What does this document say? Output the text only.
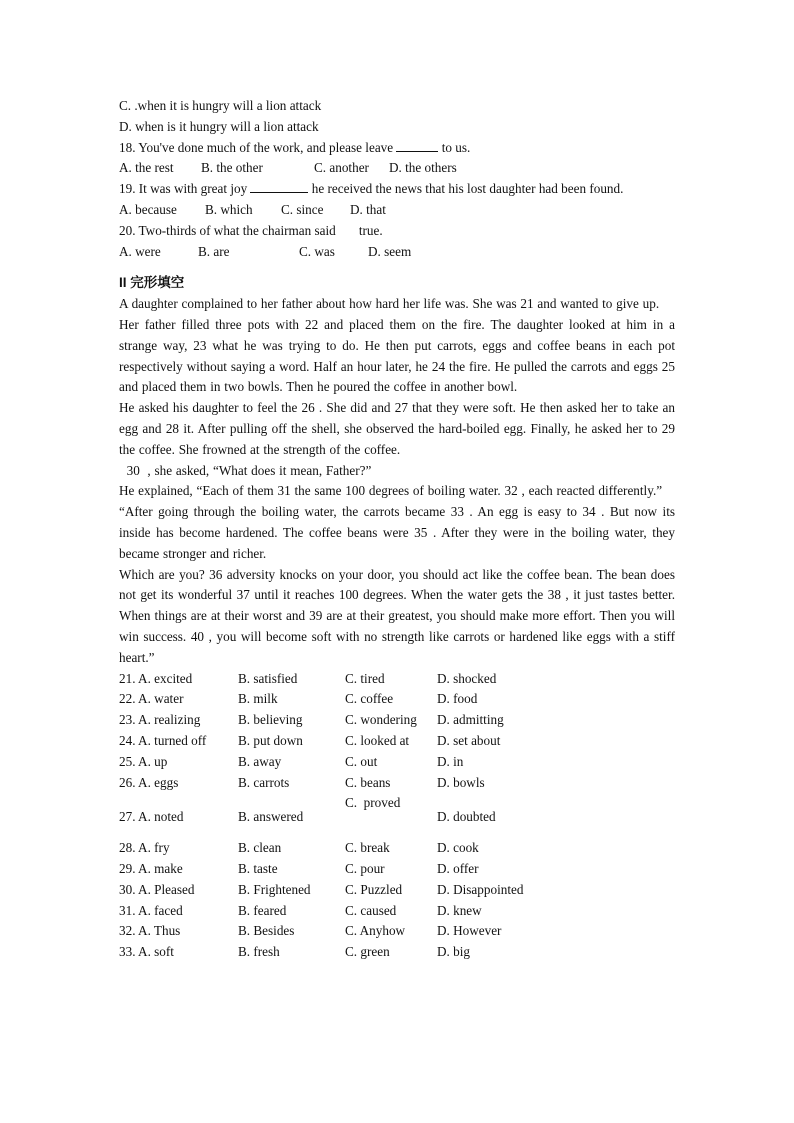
C. .when it is hungry will a lion attack
D. when is it hungry will a lion attack
18. You've done much of the work, and please leave	to us.
A. the rest	B. the other	C. another	D. the others
19. It was with great joy	he received the news that his lost daughter had been found.
A. because	B. which	C. since	D. that
20. Two-thirds of what the chairman said       true.
A. were	B. are	C. was	D. seem
II 完形填空
A daughter complained to her father about how hard her life was. She was 21 and wanted to give up.
Her father filled three pots with 22 and placed them on the fire. The daughter looked at him in a strange way, 23 what he was trying to do. He then put carrots, eggs and coffee beans in each pot respectively without saying a word. Half an hour later, he 24 the fire. He pulled the carrots and eggs 25 and placed them in two bowls. Then he poured the coffee in another bowl.
He asked his daughter to feel the 26 . She did and 27 that they were soft. He then asked her to take an egg and 28 it. After pulling off the shell, she observed the hard-boiled egg. Finally, he asked her to 29 the coffee. She frowned at the strength of the coffee.
30  , she asked, “What does it mean, Father?”
He explained, “Each of them 31 the same 100 degrees of boiling water. 32 , each reacted differently.”
“After going through the boiling water, the carrots became 33 . An egg is easy to 34 . But now its inside has become hardened. The coffee beans were 35 . After they were in the boiling water, they became stronger and richer.
Which are you? 36 adversity knocks on your door, you should act like the coffee bean. The bean does not get its wonderful 37 until it reaches 100 degrees. When the water gets the 38 , it just tastes better. When things are at their worst and 39 are at their greatest, you should make more effort. Then you will win success. 40 , you will become soft with no strength like carrots or hardened like eggs with a stiff heart.”
21. A. excited	B. satisfied	C. tired	D. shocked
22. A. water	B. milk	C. coffee	D. food
23. A. realizing	B. believing	C. wondering	D. admitting
24. A. turned off	B. put down	C. looked at	D. set about
25. A. up	B. away	C. out	D. in
26. A. eggs	B. carrots	C. beans	D. bowls
27. A. noted	B. answered	C.  proved	D. doubted
28. A. fry	B. clean	C. break	D. cook
29. A. make	B. taste	C. pour	D. offer
30. A. Pleased	B. Frightened	C. Puzzled	D. Disappointed
31. A. faced	B. feared	C. caused	D. knew
32. A. Thus	B. Besides	C. Anyhow	D. However
33. A. soft	B. fresh	C. green	D. big
